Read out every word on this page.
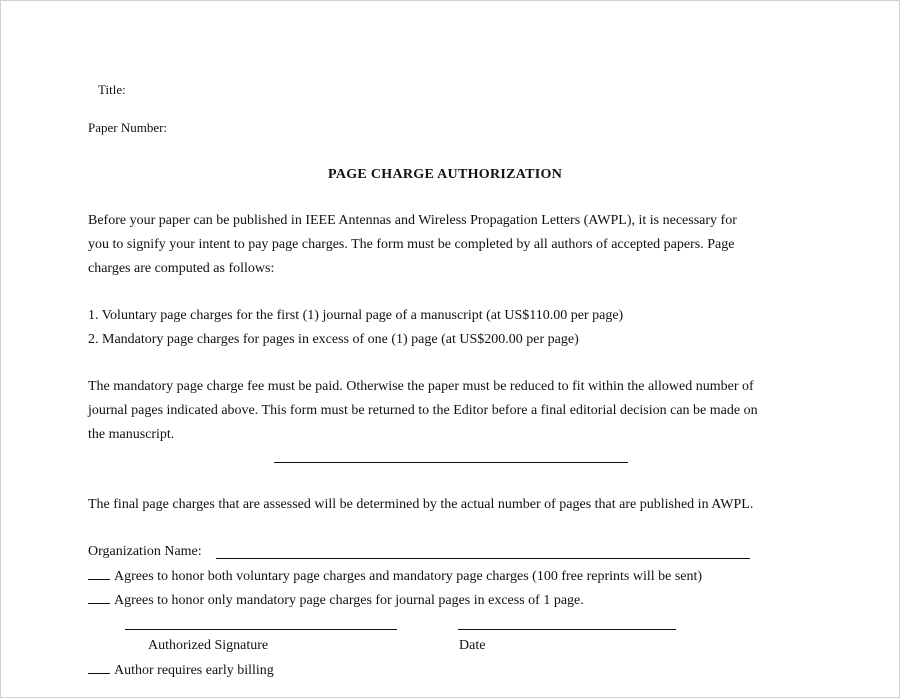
Title:
Paper Number:
PAGE CHARGE AUTHORIZATION
Before your paper can be published in IEEE Antennas and Wireless Propagation Letters (AWPL), it is necessary for
you to signify your intent to pay page charges. The form must be completed by all authors of accepted papers. Page
charges are computed as follows:
1. Voluntary page charges for the first (1) journal page of a manuscript (at US$110.00 per page)
2. Mandatory page charges for pages in excess of one (1) page (at US$200.00 per page)
The mandatory page charge fee must be paid. Otherwise the paper must be reduced to fit within the allowed number of
journal pages indicated above. This form must be returned to the Editor before a final editorial decision can be made on
the manuscript.
The final page charges that are assessed will be determined by the actual number of pages that are published in AWPL.
Organization Name:
Agrees to honor both voluntary page charges and mandatory page charges (100 free reprints will be sent)
Agrees to honor only mandatory page charges for journal pages in excess of 1 page.
Authorized Signature	Date
Author requires early billing
